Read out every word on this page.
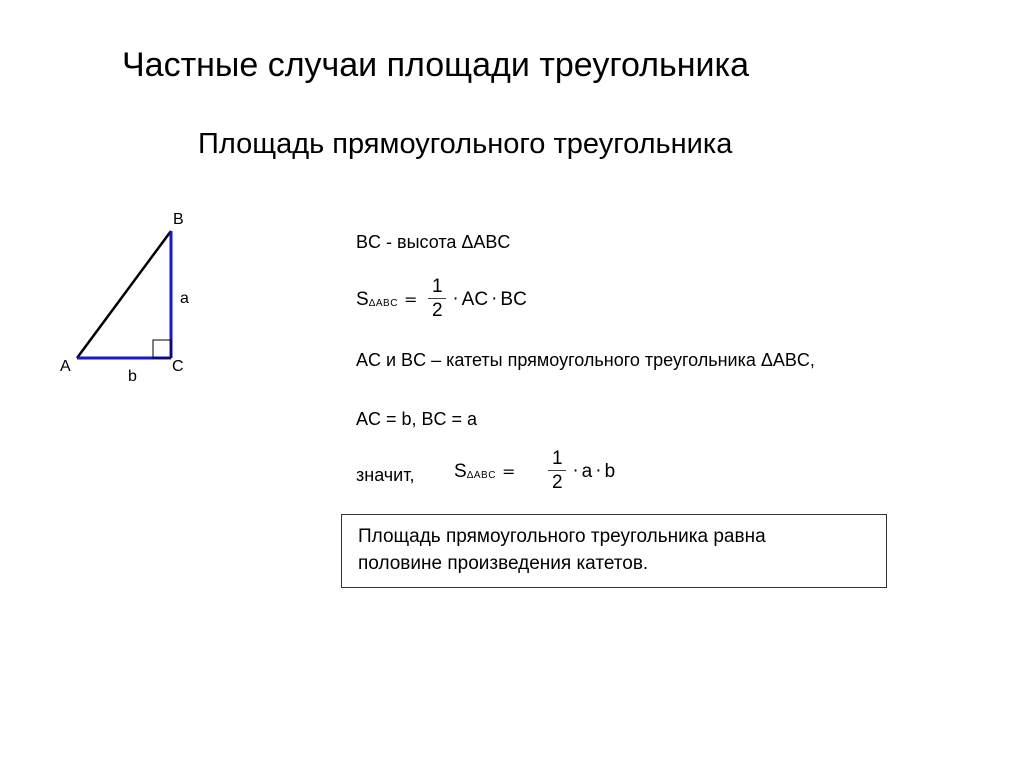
Частные случаи площади треугольника
Площадь прямоугольного треугольника
B
A	C
a
b
BC - высота ΔABC
S $\Delta ABC = \frac{1}{2}$ · AC · BC
AC и BC – катеты прямоугольного треугольника ΔABC,
AC = b, BC = a
значит, S $\Delta ABC = \frac{1}{2} \cdot a \cdot b$

Площадь прямоугольного треугольника равна

половине произведения катетов.
